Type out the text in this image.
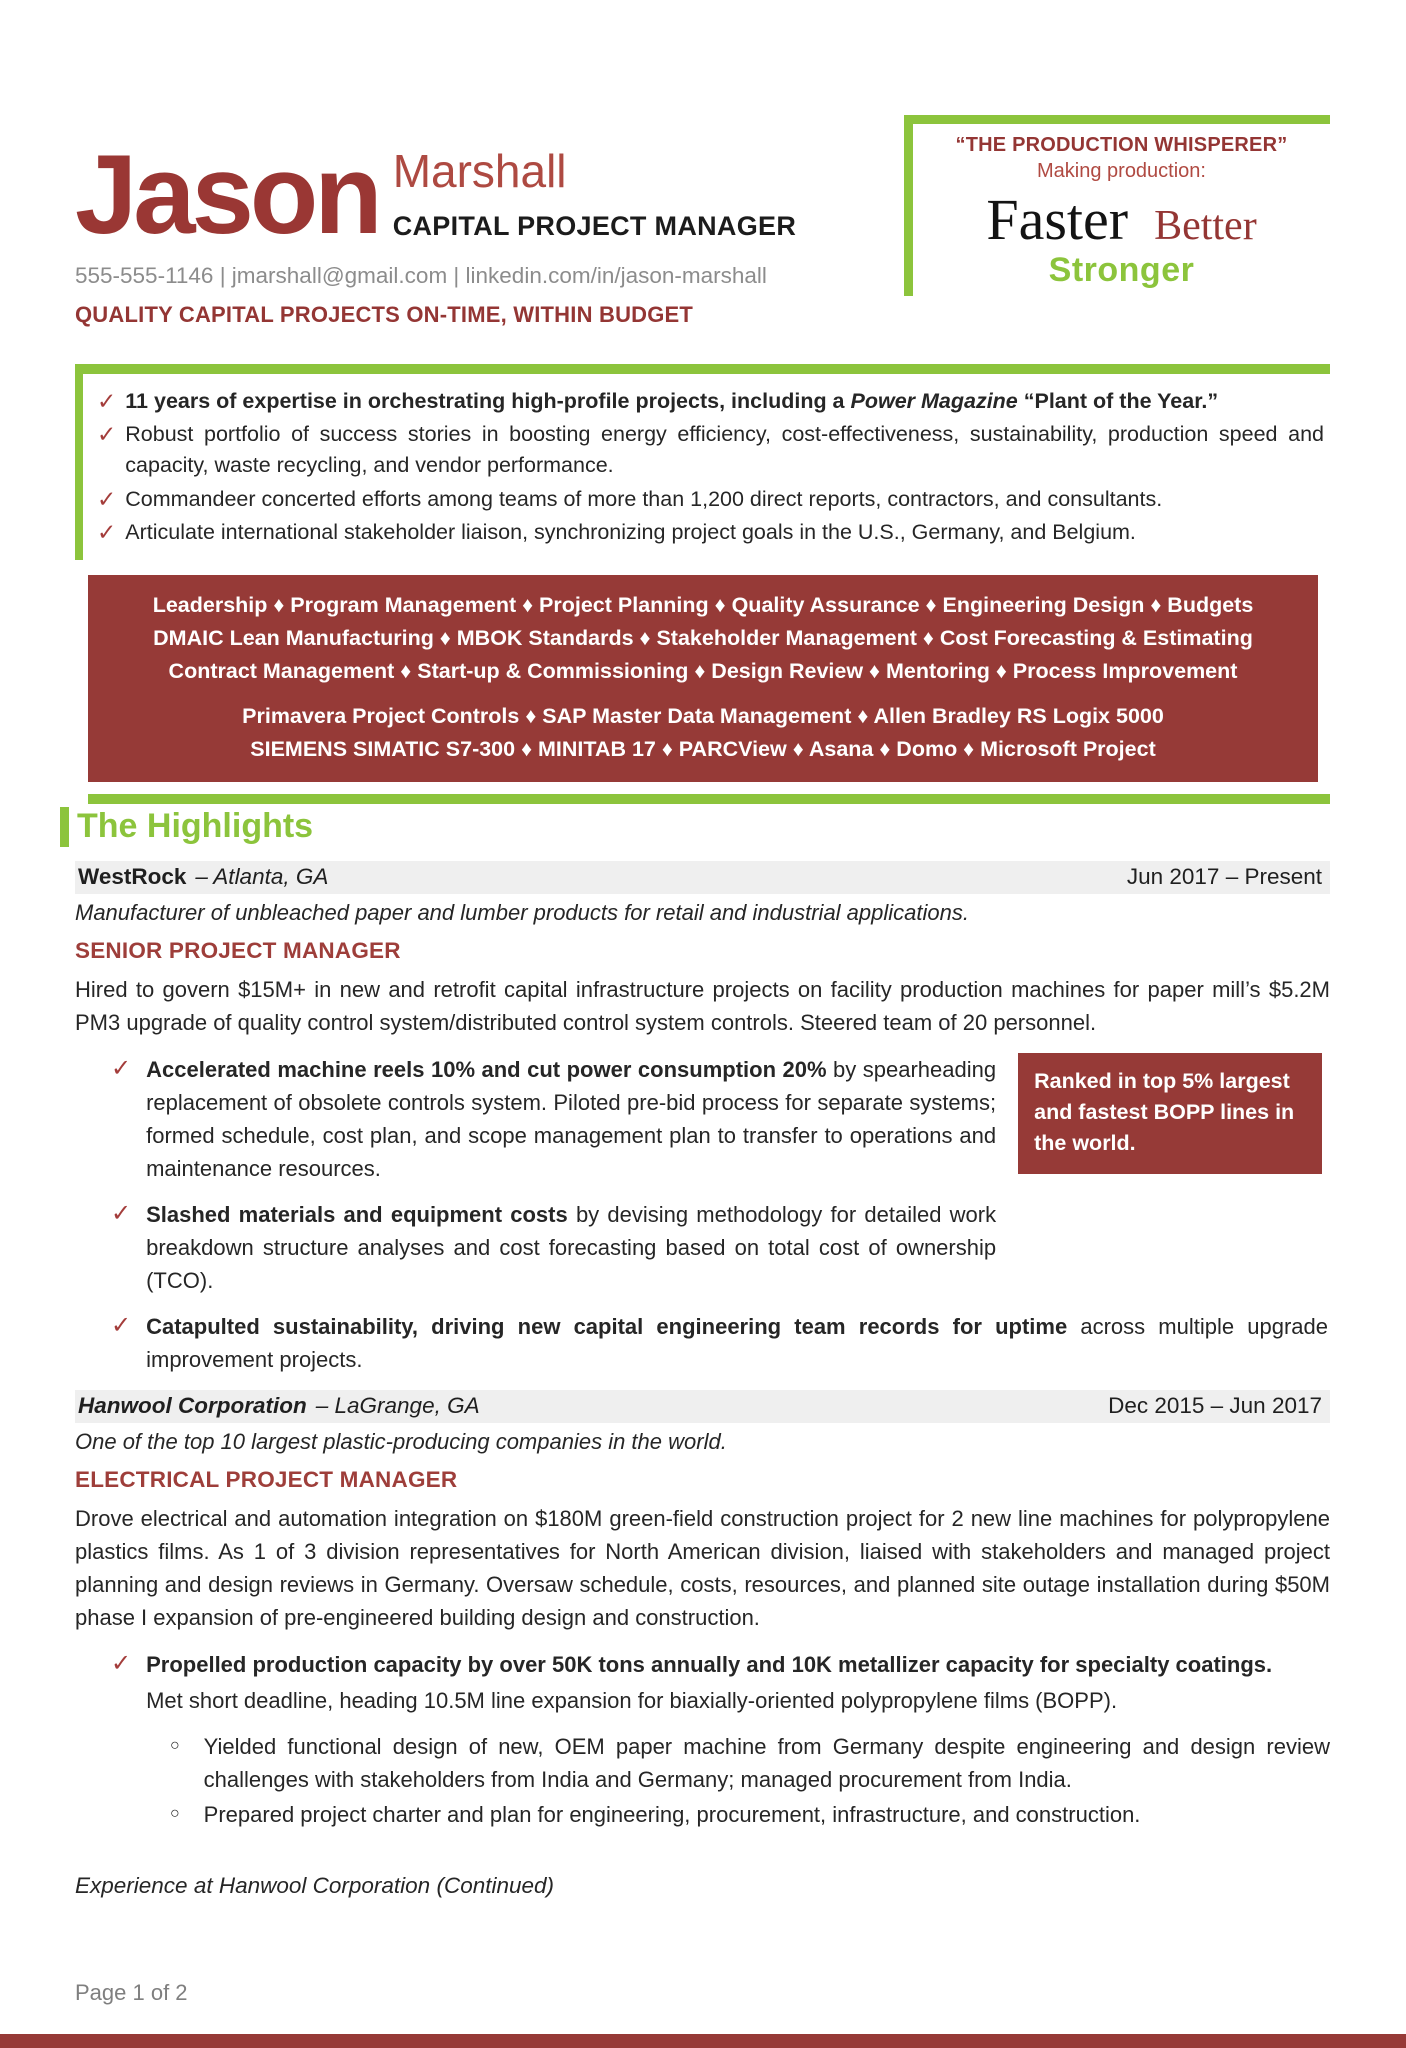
Jason Marshall
CAPITAL PROJECT MANAGER
555-555-1146 | jmarshall@gmail.com | linkedin.com/in/jason-marshall
QUALITY CAPITAL PROJECTS ON-TIME, WITHIN BUDGET
“THE PRODUCTION WHISPERER”
Making production:
Faster Better
Stronger
✓ 11 years of expertise in orchestrating high-profile projects, including a Power Magazine “Plant of the Year.”
✓ Robust portfolio of success stories in boosting energy efficiency, cost-effectiveness, sustainability, production speed and capacity, waste recycling, and vendor performance.
✓ Commandeer concerted efforts among teams of more than 1,200 direct reports, contractors, and consultants.
✓ Articulate international stakeholder liaison, synchronizing project goals in the U.S., Germany, and Belgium.
Leadership ♦ Program Management ♦ Project Planning ♦ Quality Assurance ♦ Engineering Design ♦ Budgets
DMAIC Lean Manufacturing ♦ MBOK Standards ♦ Stakeholder Management ♦ Cost Forecasting & Estimating
Contract Management ♦ Start-up & Commissioning ♦ Design Review ♦ Mentoring ♦ Process Improvement
Primavera Project Controls ♦ SAP Master Data Management ♦ Allen Bradley RS Logix 5000
SIEMENS SIMATIC S7-300 ♦ MINITAB 17 ♦ PARCView ♦ Asana ♦ Domo ♦ Microsoft Project
The Highlights
WestRock – Atlanta, GA	Jun 2017 – Present
Manufacturer of unbleached paper and lumber products for retail and industrial applications.
SENIOR PROJECT MANAGER

Hired to govern $15M+ in new and retrofit capital infrastructure projects on facility production machines for paper mill’s $5.2M PM3 upgrade of quality control system/distributed control system controls. Steered team of 20 personnel.

✓ Accelerated machine reels 10% and cut power consumption 20% by spearheading replacement of obsolete controls system. Piloted pre-bid process for separate systems; formed schedule, cost plan, and scope management plan to transfer to operations and maintenance resources.
Ranked in top 5% largest and fastest BOPP lines in the world.
✓ Slashed materials and equipment costs by devising methodology for detailed work breakdown structure analyses and cost forecasting based on total cost of ownership (TCO).
✓ Catapulted sustainability, driving new capital engineering team records for uptime across multiple upgrade improvement projects.
Hanwool Corporation – LaGrange, GA	Dec 2015 – Jun 2017
One of the top 10 largest plastic-producing companies in the world.
ELECTRICAL PROJECT MANAGER

Drove electrical and automation integration on $180M green-field construction project for 2 new line machines for polypropylene plastics films. As 1 of 3 division representatives for North American division, liaised with stakeholders and managed project planning and design reviews in Germany. Oversaw schedule, costs, resources, and planned site outage installation during $50M phase I expansion of pre-engineered building design and construction.

✓ Propelled production capacity by over 50K tons annually and 10K metallizer capacity for specialty coatings.
Met short deadline, heading 10.5M line expansion for biaxially-oriented polypropylene films (BOPP).
○ Yielded functional design of new, OEM paper machine from Germany despite engineering and design review challenges with stakeholders from India and Germany; managed procurement from India.
○ Prepared project charter and plan for engineering, procurement, infrastructure, and construction.

Experience at Hanwool Corporation (Continued)

Page 1 of 2
